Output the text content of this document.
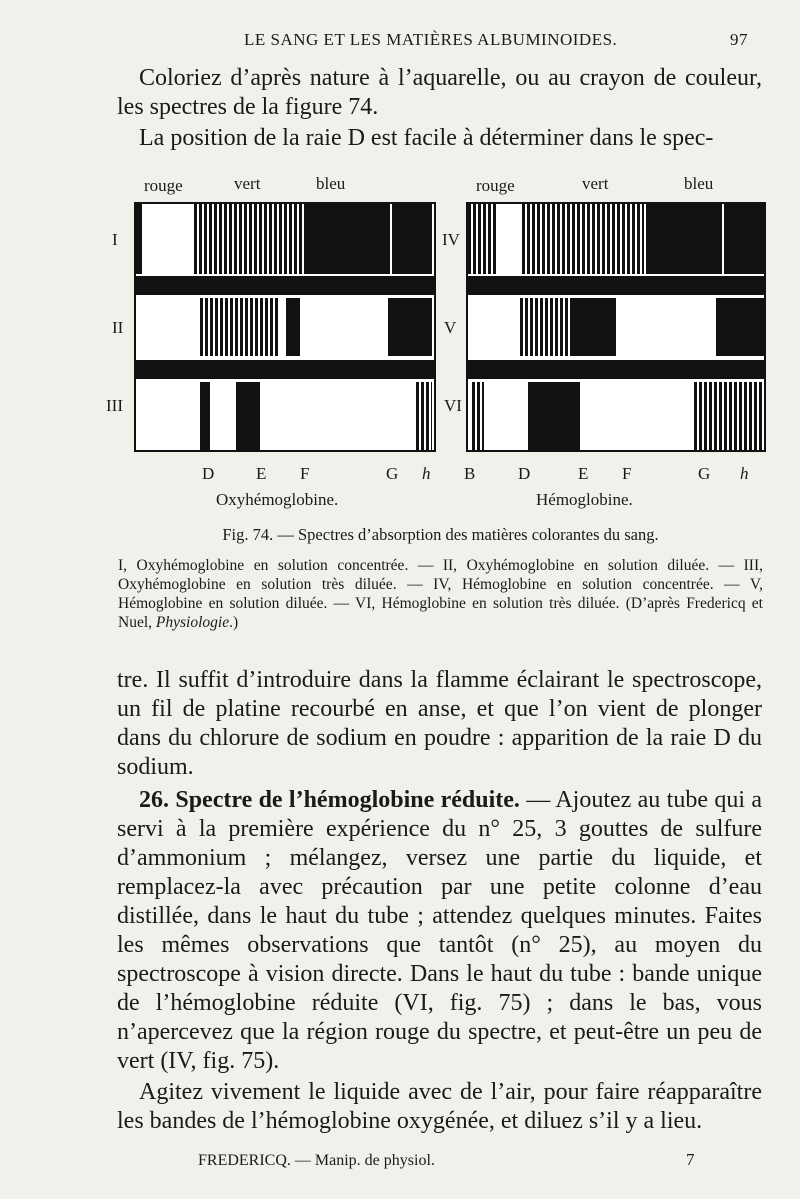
LE SANG ET LES MATIÈRES ALBUMINOIDES.	97

Coloriez d’après nature à l’aquarelle, ou au crayon de couleur, les spectres de la figure 74.

La position de la raie D est facile à déterminer dans le spec-

rouge	vert	bleu	rouge	vert	bleu
I
II
III
IV
V
VI
D E F	G h B	D	E F	G h
Oxyhémoglobine.	Hémoglobine.
Fig. 74. — Spectres d’absorption des matières colorantes du sang.
I, Oxyhémoglobine en solution concentrée. — II, Oxyhémoglobine en solution diluée. — III, Oxyhémoglobine en solution très diluée. — IV, Hémoglobine en solution concentrée. — V, Hémoglobine en solution diluée. — VI, Hémoglobine en solution très diluée. (D’après Fredericq et Nuel, Physiologie.)

tre. Il suffit d’introduire dans la flamme éclairant le spectroscope, un fil de platine recourbé en anse, et que l’on vient de plonger dans du chlorure de sodium en poudre : apparition de la raie D du sodium.

26. Spectre de l’hémoglobine réduite. — Ajoutez au tube qui a servi à la première expérience du n° 25, 3 gouttes de sulfure d’ammonium ; mélangez, versez une partie du liquide, et remplacez-la avec précaution par une petite colonne d’eau distillée, dans le haut du tube ; attendez quelques minutes. Faites les mêmes observations que tantôt (n° 25), au moyen du spectroscope à vision directe. Dans le haut du tube : bande unique de l’hémoglobine réduite (VI, fig. 75) ; dans le bas, vous n’apercevez que la région rouge du spectre, et peut-être un peu de vert (IV, fig. 75).

Agitez vivement le liquide avec de l’air, pour faire réapparaître les bandes de l’hémoglobine oxygénée, et diluez s’il y a lieu.

FREDERICQ. — Manip. de physiol.	7
